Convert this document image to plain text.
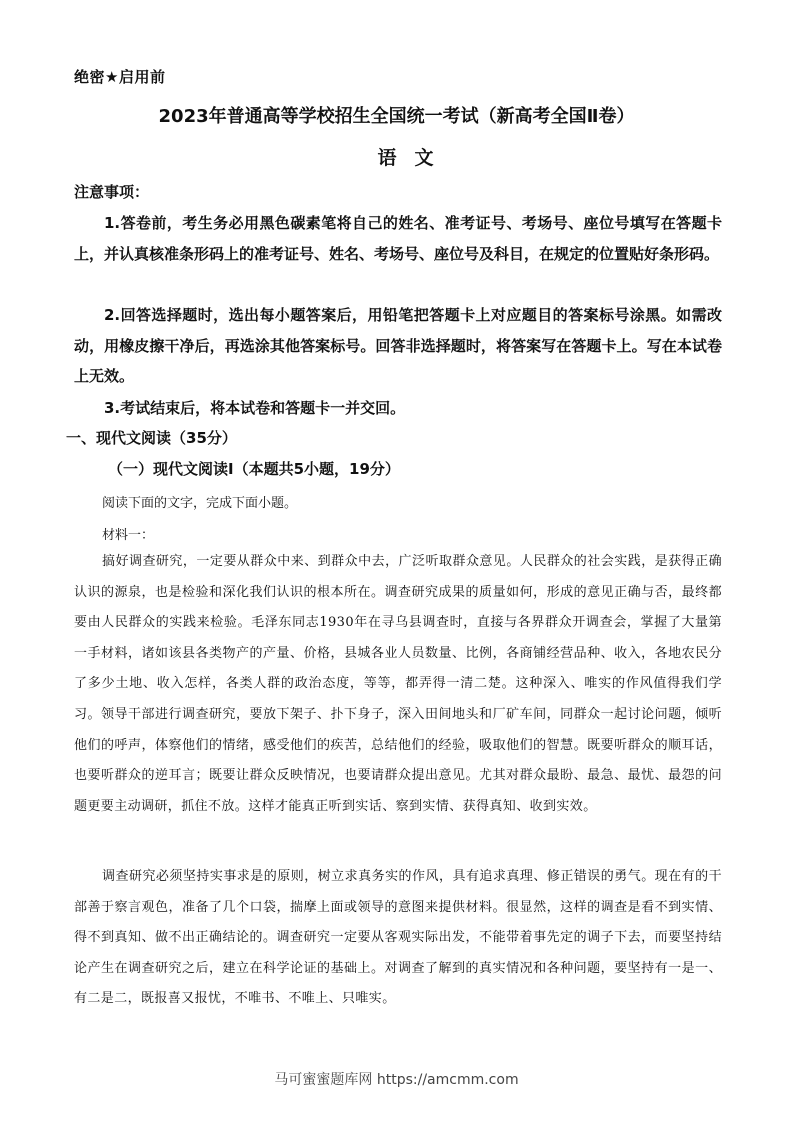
绝密★启用前
2023年普通高等学校招生全国统一考试（新高考全国Ⅱ卷）
语文
注意事项：

1.答卷前，考生务必用黑色碳素笔将自己的姓名、准考证号、考场号、座位号填写在答题卡上，并认真核准条形码上的准考证号、姓名、考场号、座位号及科目，在规定的位置贴好条形码。

2.回答选择题时，选出每小题答案后，用铅笔把答题卡上对应题目的答案标号涂黑。如需改动，用橡皮擦干净后，再选涂其他答案标号。回答非选择题时，将答案写在答题卡上。写在本试卷上无效。

3.考试结束后，将本试卷和答题卡一并交回。

一、现代文阅读（35分）
（一）现代文阅读Ⅰ（本题共5小题，19分）
阅读下面的文字，完成下面小题。
材料一：

搞好调查研究，一定要从群众中来、到群众中去，广泛听取群众意见。人民群众的社会实践，是获得正确认识的源泉，也是检验和深化我们认识的根本所在。调查研究成果的质量如何，形成的意见正确与否，最终都要由人民群众的实践来检验。毛泽东同志1930年在寻乌县调查时，直接与各界群众开调查会，掌握了大量第一手材料，诸如该县各类物产的产量、价格，县城各业人员数量、比例，各商铺经营品种、收入，各地农民分了多少土地、收入怎样，各类人群的政治态度，等等，都弄得一清二楚。这种深入、唯实的作风值得我们学习。领导干部进行调查研究，要放下架子、扑下身子，深入田间地头和厂矿车间，同群众一起讨论问题，倾听他们的呼声，体察他们的情绪，感受他们的疾苦，总结他们的经验，吸取他们的智慧。既要听群众的顺耳话，也要听群众的逆耳言；既要让群众反映情况，也要请群众提出意见。尤其对群众最盼、最急、最忧、最怨的问题更要主动调研，抓住不放。这样才能真正听到实话、察到实情、获得真知、收到实效。

调查研究必须坚持实事求是的原则，树立求真务实的作风，具有追求真理、修正错误的勇气。现在有的干部善于察言观色，准备了几个口袋，揣摩上面或领导的意图来提供材料。很显然，这样的调查是看不到实情、得不到真知、做不出正确结论的。调查研究一定要从客观实际出发，不能带着事先定的调子下去，而要坚持结论产生在调查研究之后，建立在科学论证的基础上。对调查了解到的真实情况和各种问题，要坚持有一是一、有二是二，既报喜又报忧，不唯书、不唯上、只唯实。

马可蜜蜜题库网 https://amcmm.com
